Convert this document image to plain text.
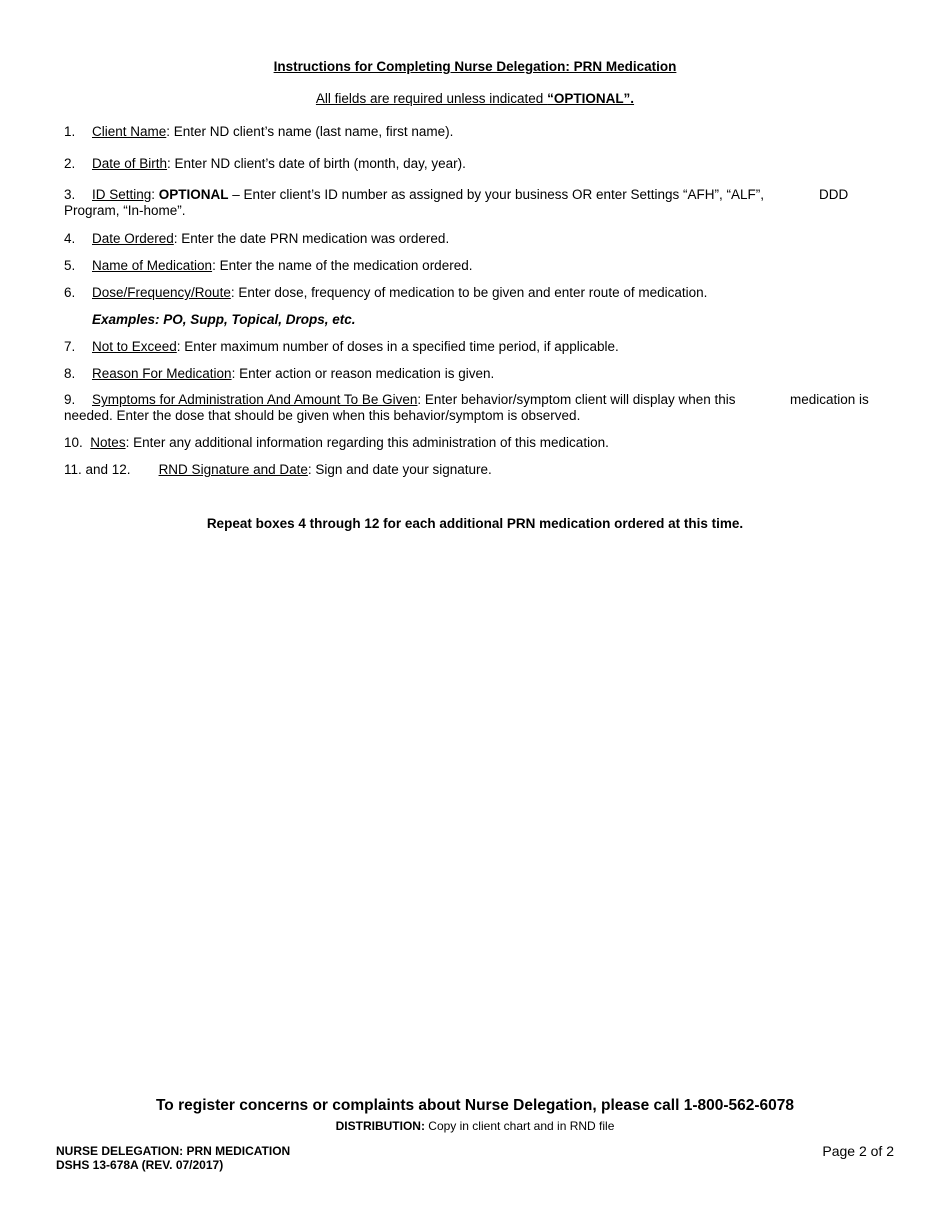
Instructions for Completing Nurse Delegation: PRN Medication
All fields are required unless indicated “OPTIONAL”.
1. Client Name: Enter ND client’s name (last name, first name).
2. Date of Birth: Enter ND client’s date of birth (month, day, year).
3. ID Setting: OPTIONAL – Enter client’s ID number as assigned by your business OR enter Settings “AFH”, “ALF”,	DDD
Program, “In-home”.
4. Date Ordered: Enter the date PRN medication was ordered.
5. Name of Medication: Enter the name of the medication ordered.
6. Dose/Frequency/Route: Enter dose, frequency of medication to be given and enter route of medication.
Examples: PO, Supp, Topical, Drops, etc.
7. Not to Exceed: Enter maximum number of doses in a specified time period, if applicable.
8. Reason For Medication: Enter action or reason medication is given.
9. Symptoms for Administration And Amount To Be Given: Enter behavior/symptom client will display when this	medication is
needed. Enter the dose that should be given when this behavior/symptom is observed.
10. Notes: Enter any additional information regarding this administration of this medication.
11. and 12. RND Signature and Date: Sign and date your signature.
Repeat boxes 4 through 12 for each additional PRN medication ordered at this time.
To register concerns or complaints about Nurse Delegation, please call 1-800-562-6078
DISTRIBUTION: Copy in client chart and in RND file
NURSE DELEGATION: PRN MEDICATION
DSHS 13-678A (REV. 07/2017)
Page 2 of 2
